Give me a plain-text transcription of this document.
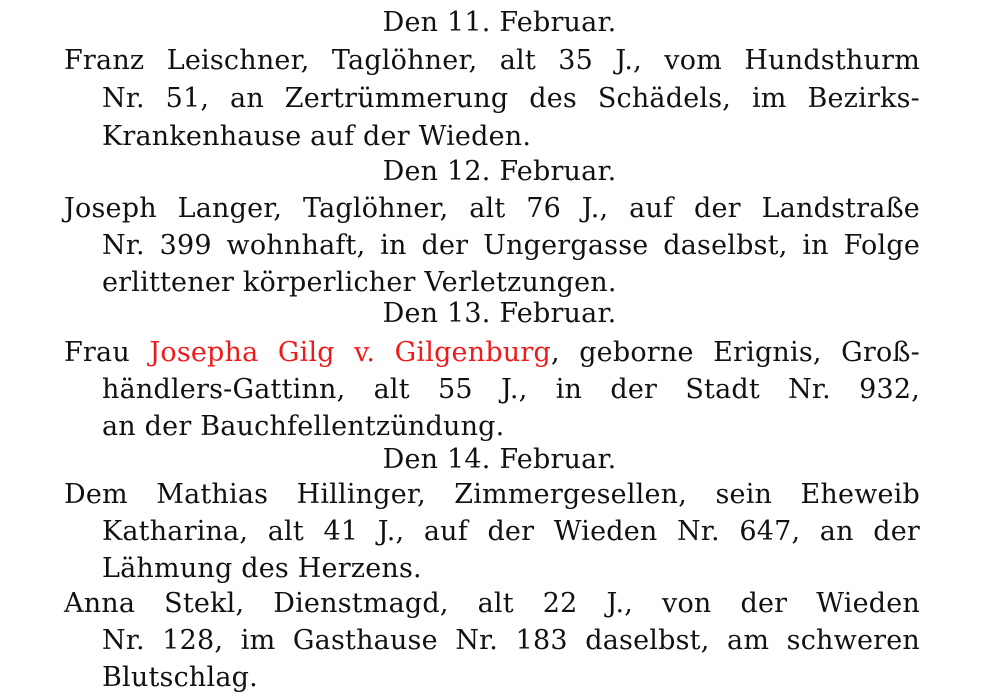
Den 11. Februar.
Franz Leischner, Taglöhner, alt 35 J., vom Hundsthurm
Nr. 51, an Zertrümmerung des Schädels, im Bezirks-
Krankenhause auf der Wieden.
Den 12. Februar.
Joseph Langer, Taglöhner, alt 76 J., auf der Landstraße
Nr. 399 wohnhaft, in der Ungergasse daselbst, in Folge
erlittener körperlicher Verletzungen.
Den 13. Februar.
Frau Josepha Gilg v. Gilgenburg, geborne Erignis, Groß-
händlers-Gattinn, alt 55 J., in der Stadt Nr. 932,
an der Bauchfellentzündung.
Den 14. Februar.
Dem Mathias Hillinger, Zimmergesellen, sein Eheweib
Katharina, alt 41 J., auf der Wieden Nr. 647, an der
Lähmung des Herzens.
Anna Stekl, Dienstmagd, alt 22 J., von der Wieden
Nr. 128, im Gasthause Nr. 183 daselbst, am schweren
Blutschlag.
